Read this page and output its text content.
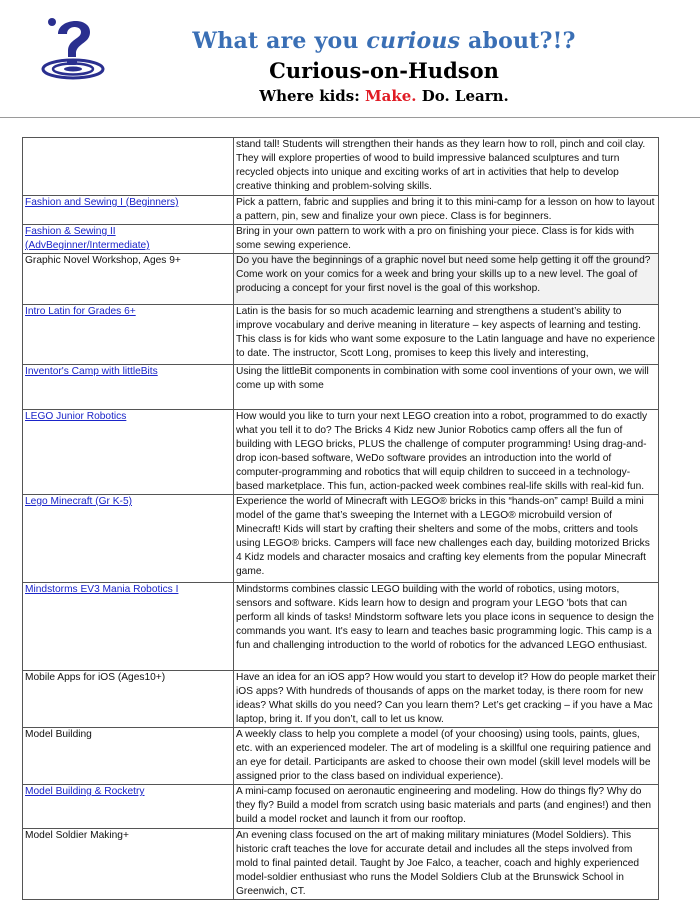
What are you curious about?!?
Curious-on-Hudson
Where kids: Make. Do. Learn.
	stand tall! Students will strengthen their hands as they learn how to roll, pinch and coil clay. They will explore properties of wood to build impressive balanced sculptures and turn recycled objects into unique and exciting works of art in activities that help to develop creative thinking and problem-solving skills.
Fashion and Sewing I (Beginners)	Pick a pattern, fabric and supplies and bring it to this mini-camp for a lesson on how to layout a pattern, pin, sew and finalize your own piece. Class is for beginners.
Fashion & Sewing II (AdvBeginner/Intermediate)	Bring in your own pattern to work with a pro on finishing your piece. Class is for kids with some sewing experience.
Graphic Novel Workshop, Ages 9+	Do you have the beginnings of a graphic novel but need some help getting it off the ground? Come work on your comics for a week and bring your skills up to a new level. The goal of producing a concept for your first novel is the goal of this workshop.
Intro Latin for Grades 6+	Latin is the basis for so much academic learning and strengthens a student’s ability to improve vocabulary and derive meaning in literature – key aspects of learning and testing. This class is for kids who want some exposure to the Latin language and have no experience to date. The instructor, Scott Long, promises to keep this lively and interesting,
Inventor's Camp with littleBits	Using the littleBit components in combination with some cool inventions of your own, we will come up with some
LEGO Junior Robotics	How would you like to turn your next LEGO creation into a robot, programmed to do exactly what you tell it to do? The Bricks 4 Kidz new Junior Robotics camp offers all the fun of building with LEGO bricks, PLUS the challenge of computer programming! Using drag-and-drop icon-based software, WeDo software provides an introduction into the world of computer-programming and robotics that will equip children to succeed in a technology-based marketplace. This fun, action-packed week combines real-life skills with real-kid fun.
Lego Minecraft (Gr K-5)	Experience the world of Minecraft with LEGO® bricks in this “hands-on” camp! Build a mini model of the game that’s sweeping the Internet with a LEGO® microbuild version of Minecraft! Kids will start by crafting their shelters and some of the mobs, critters and tools using LEGO® bricks. Campers will face new challenges each day, building motorized Bricks 4 Kidz models and character mosaics and crafting key elements from the popular Minecraft game.
Mindstorms EV3 Mania Robotics I	Mindstorms combines classic LEGO building with the world of robotics, using motors, sensors and software. Kids learn how to design and program your LEGO 'bots that can perform all kinds of tasks! Mindstorm software lets you place icons in sequence to design the commands you want. It's easy to learn and teaches basic programming logic. This camp is a fun and challenging introduction to the world of robotics for the advanced LEGO enthusiast.
Mobile Apps for iOS (Ages10+)	Have an idea for an iOS app? How would you start to develop it? How do people market their iOS apps? With hundreds of thousands of apps on the market today, is there room for new ideas? What skills do you need? Can you learn them? Let’s get cracking – if you have a Mac laptop, bring it. If you don’t, call to let us know.
Model Building	A weekly class to help you complete a model (of your choosing) using tools, paints, glues, etc. with an experienced modeler. The art of modeling is a skillful one requiring patience and an eye for detail. Participants are asked to choose their own model (skill level models will be assigned prior to the class based on individual experience).
Model Building & Rocketry	A mini-camp focused on aeronautic engineering and modeling. How do things fly? Why do they fly? Build a model from scratch using basic materials and parts (and engines!) and then build a model rocket and launch it from our rooftop.
Model Soldier Making+	An evening class focused on the art of making military miniatures (Model Soldiers). This historic craft teaches the love for accurate detail and includes all the steps involved from mold to final painted detail. Taught by Joe Falco, a teacher, coach and highly experienced model-soldier enthusiast who runs the Model Soldiers Club at the Brunswick School in Greenwich, CT.
